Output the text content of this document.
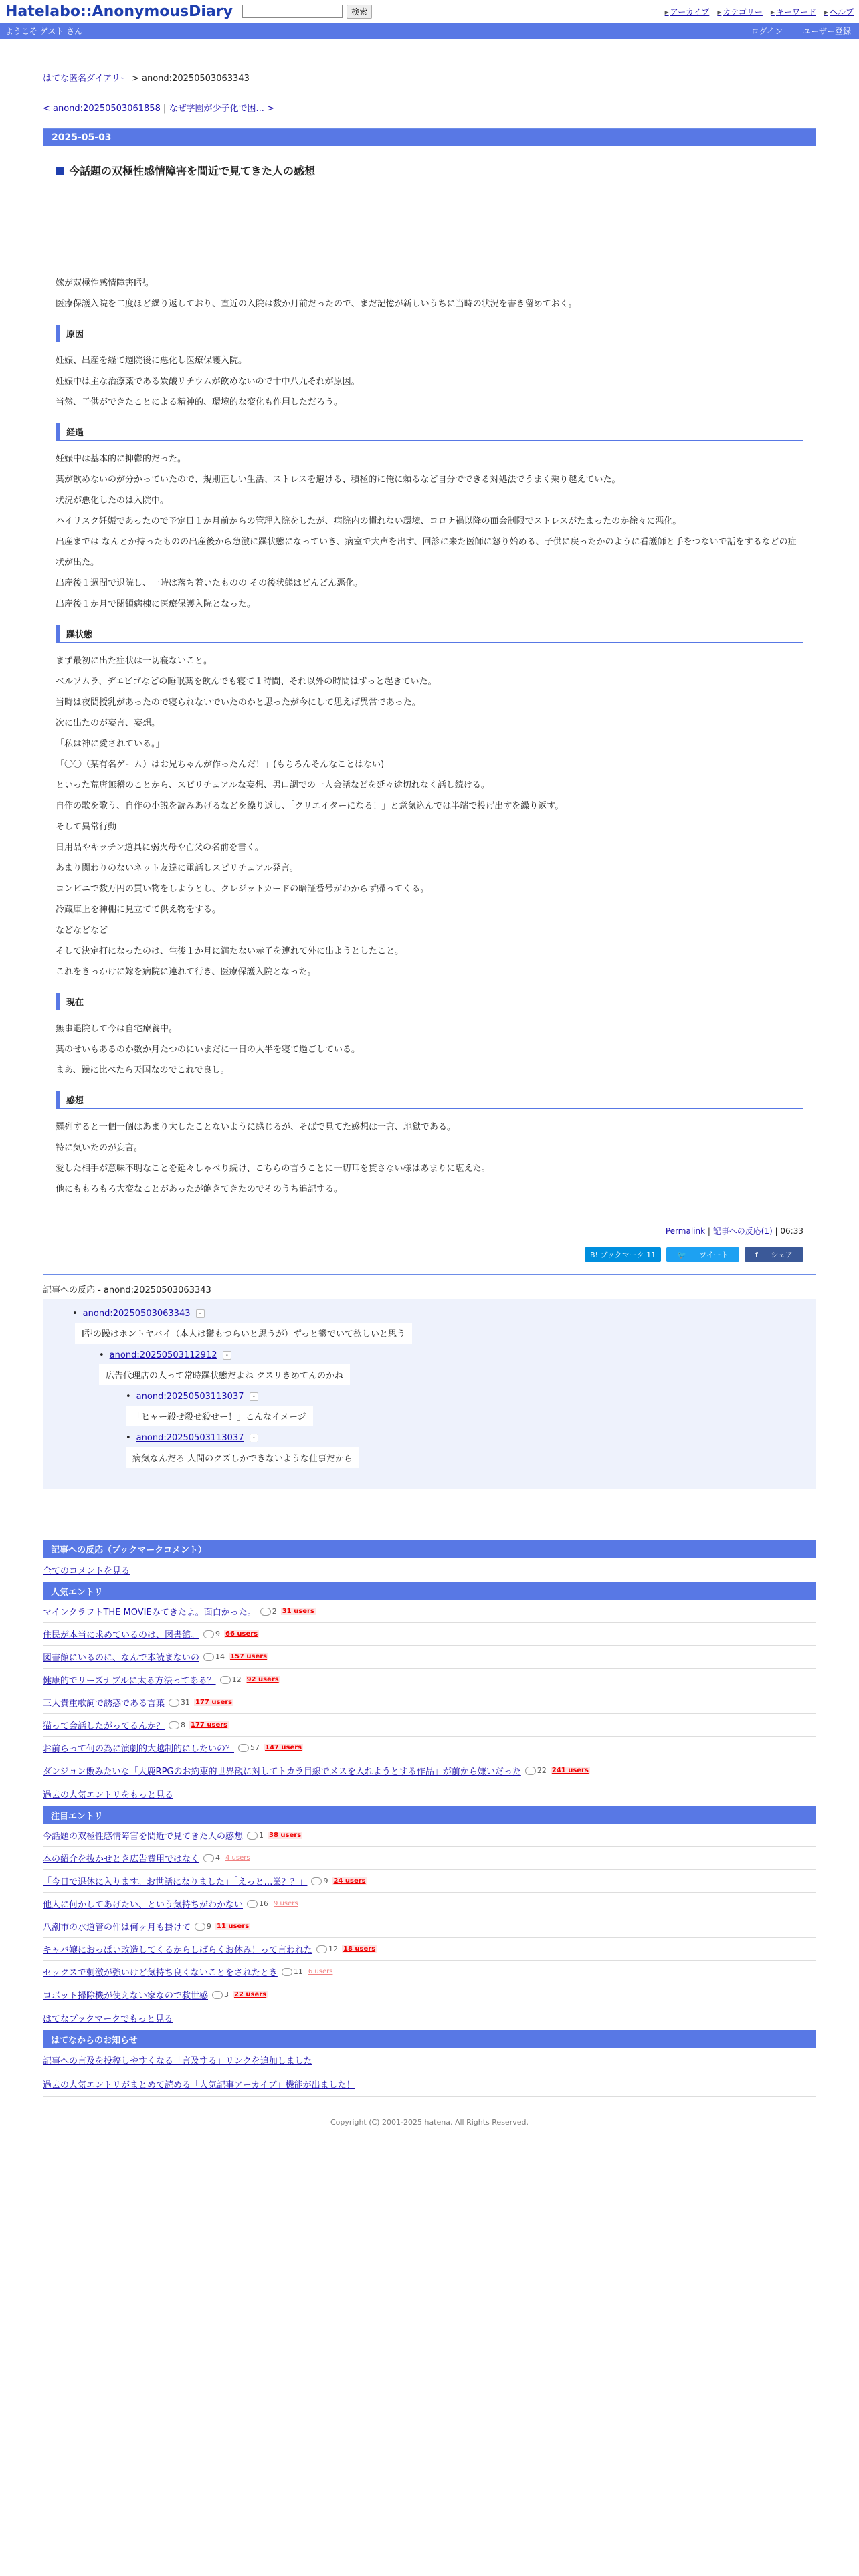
Hatelabo::AnonymousDiary	検索	▸ アーカイブ	▸ カテゴリー	▸ キーワード	▸ ヘルプ
ようこそ ゲスト さん	ログイン	ユーザー登録
はてな匿名ダイアリー > anond:20250503063343
< anond:20250503061858 | なぜ学園が少子化で困... >
2025-05-03
今話題の双極性感情障害を間近で見てきた人の感想

嫁が双極性感情障害I型。

医療保護入院を二度ほど繰り返しており、直近の入院は数か月前だったので、まだ記憶が新しいうちに当時の状況を書き留めておく。

原因

妊娠、出産を経て週院後に悪化し医療保護入院。

妊娠中は主な治療薬である炭酸リチウムが飲めないので十中八九それが原因。

当然、子供ができたことによる精神的、環境的な変化も作用しただろう。

経過

妊娠中は基本的に抑鬱的だった。

薬が飲めないのが分かっていたので、規則正しい生活、ストレスを避ける、積極的に俺に頼るなど自分でできる対処法でうまく乗り越えていた。

状況が悪化したのは入院中。

ハイリスク妊娠であったので予定日１か月前からの管理入院をしたが、病院内の慣れない環境、コロナ禍以降の面会制限でストレスがたまったのか徐々に悪化。

出産までは なんとか持ったものの出産後から急激に躁状態になっていき、病室で大声を出す、回診に来た医師に怒り始める、子供に戻ったかのように看護師と手をつないで話をするなどの症状が出た。

出産後１週間で退院し、一時は落ち着いたものの その後状態はどんどん悪化。

出産後１か月で閉鎖病棟に医療保護入院となった。

躁状態

まず最初に出た症状は一切寝ないこと。

ベルソムラ、デエビゴなどの睡眠薬を飲んでも寝て１時間、それ以外の時間はずっと起きていた。

当時は夜間授乳があったので寝られないでいたのかと思ったが今にして思えば異常であった。

次に出たのが妄言、妄想。

「私は神に愛されている。」

「〇〇（某有名ゲーム）はお兄ちゃんが作ったんだ！」(もちろんそんなことはない)

といった荒唐無稽のことから、スピリチュアルな妄想、男口調での一人会話などを延々途切れなく話し続ける。

自作の歌を歌う、自作の小説を読みあげるなどを繰り返し、「クリエイターになる！」と意気込んでは半端で投げ出すを繰り返す。

そして異常行動

日用品やキッチン道具に弱火母や亡父の名前を書く。

あまり関わりのないネット友達に電話しスピリチュアル発言。

コンビニで数万円の買い物をしようとし、クレジットカードの暗証番号がわからず帰ってくる。

冷蔵庫上を神棚に見立てて供え物をする。

などなどなど

そして決定打になったのは、生後１か月に満たない赤子を連れて外に出ようとしたこと。

これをきっかけに嫁を病院に連れて行き、医療保護入院となった。

現在

無事退院して今は自宅療養中。

薬のせいもあるのか数か月たつのにいまだに一日の大半を寝て過ごしている。

まあ、躁に比べたら天国なのでこれで良し。

感想

羅列すると一個一個はあまり大したことないように感じるが、そばで見てた感想は一言、地獄である。

特に気いたのが妄言。

愛した相手が意味不明なことを延々しゃべり続け、こちらの言うことに一切耳を貸さない様はあまりに堪えた。

他にももろもろ大変なことがあったが飽きてきたのでそのうち追記する。

Permalink | 記事への反応(1) | 06:33
B! ブックマーク 11	🐦 ツイート	f シェア
記事への反応 - anond:20250503063343
• anond:20250503063343	-
I型の躁はホントヤバイ（本人は鬱もつらいと思うが）ずっと鬱でいて欲しいと思う
• anond:20250503112912	-
広告代理店の人って常時躁状態だよね クスリきめてんのかね
• anond:20250503113037	-
「ヒャー殺せ殺せ殺せー！」こんなイメージ
• anond:20250503113037	-
病気なんだろ 人間のクズしかできないような仕事だから
記事への反応（ブックマークコメント）
全てのコメントを見る
人気エントリ
マインクラフトTHE MOVIEみてきたよ。面白かった。 2 31 users
住民が本当に求めているのは、図書館。 9 66 users
図書館にいるのに、なんで本読まないの 14 157 users
健康的でリーズナブルに太る方法ってある？ 12 92 users
三大貴重歌詞で誘惑である言葉 31 177 users
猫って会話したがってるんか？ 8 177 users
お前らって何の為に演劇的大越制的にしたいの？ 57 147 users
ダンジョン飯みたいな「大鹿RPGのお約束的世界観に対してトカラ目線でメスを入れようとする作品」が前から嫌いだった 22 241 users
過去の人気エントリをもっと見る
注目エントリ
今話題の双極性感情障害を間近で見てきた人の感想 1 38 users
本の紹介を抜かせとき広告費用ではなく 4 4 users
「今日で退休に入ります。お世話になりました」「えっと…業？？」 9 24 users
他人に何かしてあげたい、という気持ちがわかない 16 9 users
八潮市の水道管の件は何ヶ月も掛けて 9 11 users
キャバ嬢におっぱい改造してくるからしばらくお休み！って言われた 12 18 users
セックスで刺激が強いけど気持ち良くないことをされたとき 11 6 users
ロボット掃除機が使えない家なので救世感 3 22 users
はてなブックマークでもっと見る
はてなからのお知らせ
記事への言及を投稿しやすくなる「言及する」リンクを追加しました
過去の人気エントリがまとめて読める「人気記事アーカイブ」機能が出ました！
Copyright (C) 2001-2025 hatena. All Rights Reserved.
